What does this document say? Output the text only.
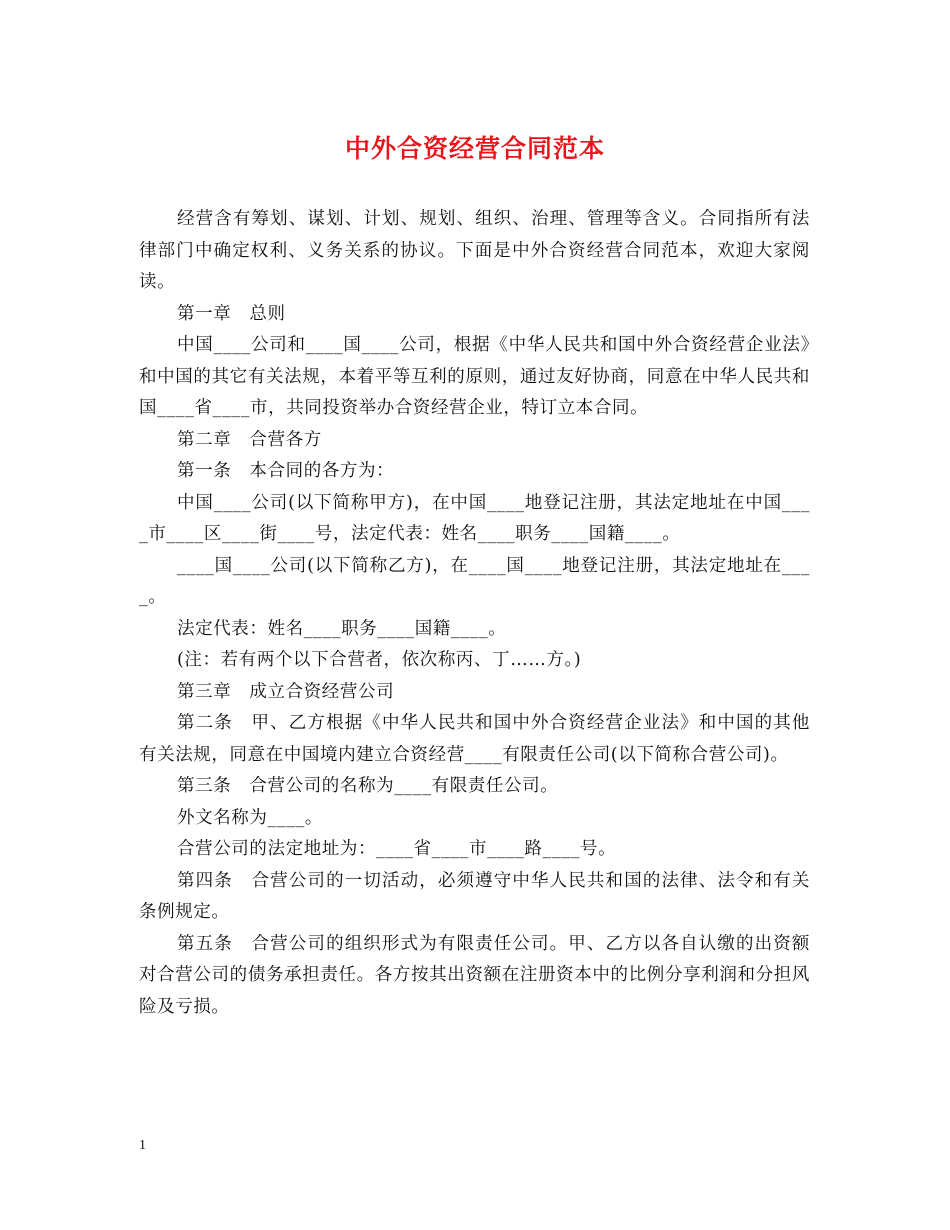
中外合资经营合同范本

经营含有筹划、谋划、计划、规划、组织、治理、管理等含义。合同指所有法律部门中确定权利、义务关系的协议。下面是中外合资经营合同范本，欢迎大家阅读。

第一章　总则

中国____公司和____国____公司，根据《中华人民共和国中外合资经营企业法》和中国的其它有关法规，本着平等互利的原则，通过友好协商，同意在中华人民共和国____省____市，共同投资举办合资经营企业，特订立本合同。

第二章　合营各方

第一条　本合同的各方为：

中国____公司(以下简称甲方)，在中国____地登记注册，其法定地址在中国____市____区____街____号，法定代表：姓名____职务____国籍____。

____国____公司(以下简称乙方)，在____国____地登记注册，其法定地址在____。

法定代表：姓名____职务____国籍____。

(注：若有两个以下合营者，依次称丙、丁……方。)

第三章　成立合资经营公司

第二条　甲、乙方根据《中华人民共和国中外合资经营企业法》和中国的其他有关法规，同意在中国境内建立合资经营____有限责任公司(以下简称合营公司)。

第三条　合营公司的名称为____有限责任公司。

外文名称为____。

合营公司的法定地址为：____省____市____路____号。

第四条　合营公司的一切活动，必须遵守中华人民共和国的法律、法令和有关条例规定。

第五条　合营公司的组织形式为有限责任公司。甲、乙方以各自认缴的出资额对合营公司的债务承担责任。各方按其出资额在注册资本中的比例分享利润和分担风险及亏损。

1
